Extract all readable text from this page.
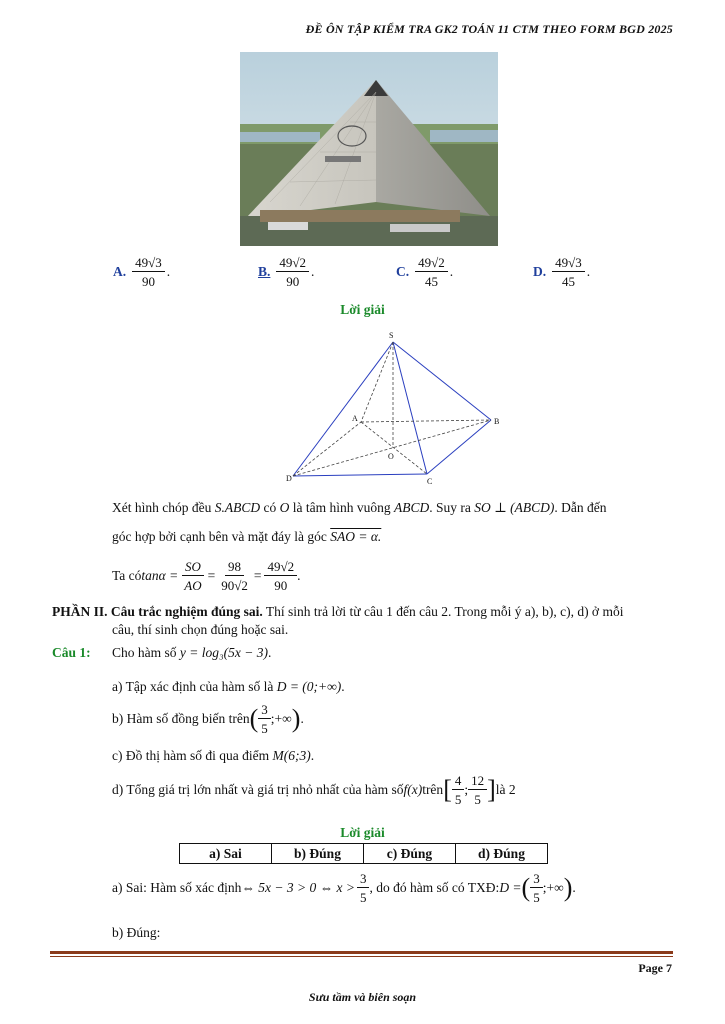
ĐỀ ÔN TẬP KIỂM TRA GK2 TOÁN 11 CTM THEO FORM BGD 2025
A. $\frac{49√3}{90}$ .	B. $\frac{49√2}{90}$ .	C. $\frac{49√2}{45}$ .	D. $\frac{49√3}{45}$ .
Lời giải
S
A	B
C
D
O
Xét hình chóp đều S.ABCD có O là tâm hình vuông ABCD. Suy ra SO ⊥ (ABCD). Dẫn đến
góc hợp bởi cạnh bên và mặt đáy là góc SAO = α.
Ta có $\tan\alpha = \frac{SO}{AO} = \frac{98}{90√2} = \frac{49√2}{90}$ .
PHẦN II. Câu trắc nghiệm đúng sai. Thí sinh trả lời từ câu 1 đến câu 2. Trong mỗi ý a), b), c), d) ở mỗi
câu, thí sinh chọn đúng hoặc sai.
Câu 1: Cho hàm số y = log₃(5x − 3).
a) Tập xác định của hàm số là D = (0;+∞).
b) Hàm số đồng biến trên ( $\frac{3}{5}$ ;+∞ ) .
c) Đồ thị hàm số đi qua điểm M(6;3).
d) Tổng giá trị lớn nhất và giá trị nhỏ nhất của hàm số f(x) trên [ $\frac{4}{5}$ ; $\frac{12}{5}$ ] là 2
Lời giải
a) Sai	b) Đúng	c) Đúng	d) Đúng
a) Sai: Hàm số xác định ⇔ 5x − 3 > 0 ⇔ $x > \frac{3}{5}$ , do đó hàm số có TXĐ: D = ( $\frac{3}{5}$ ;+∞ ) .
b) Đúng:
Page 7
Sưu tầm và biên soạn
